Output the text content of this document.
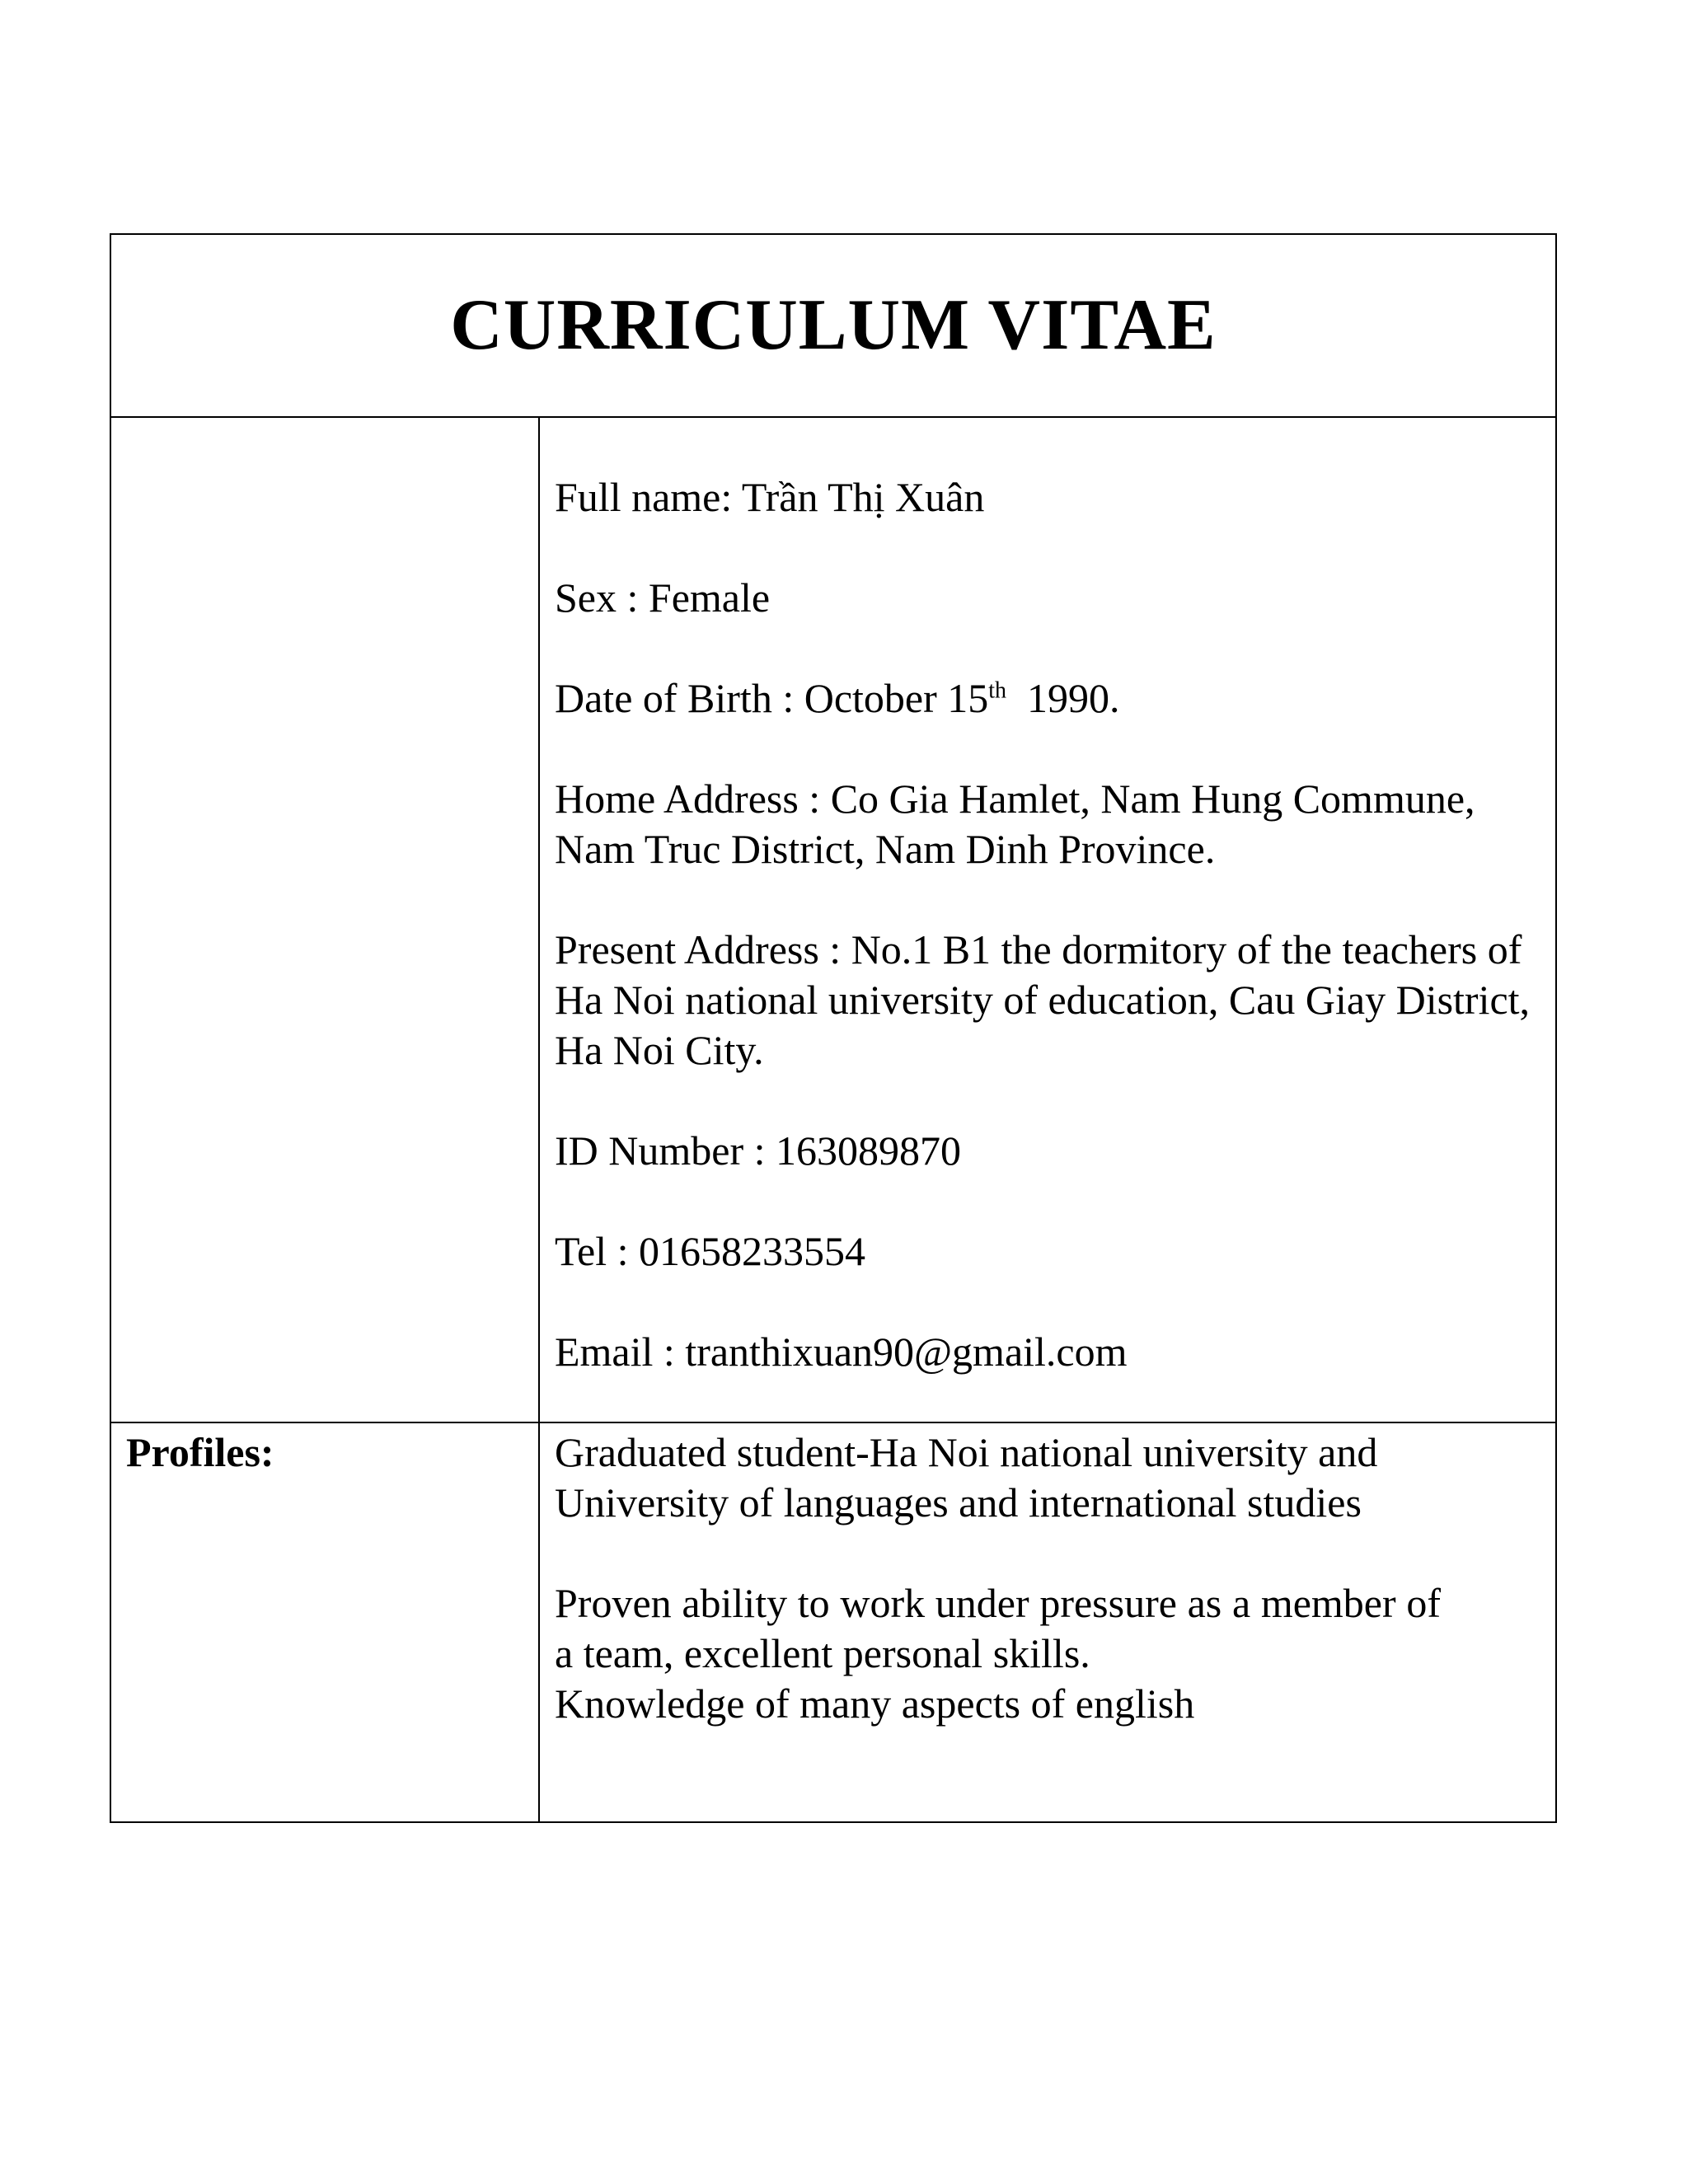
CURRICULUM VITAE

Full name: Trần Thị Xuân

Sex : Female

Date of Birth : October 15th  1990.

Home Address : Co Gia Hamlet, Nam Hung Commune, Nam Truc District, Nam Dinh Province.

Present Address : No.1 B1 the dormitory of the teachers of Ha Noi national university of education, Cau Giay District, Ha Noi City.

ID Number : 163089870

Tel : 01658233554

Email : tranthixuan90@gmail.com

Profiles:	Graduated student-Ha Noi national university and University of languages and international studies

Proven ability to work under pressure as a member of a team, excellent personal skills.
Knowledge of many aspects of english
